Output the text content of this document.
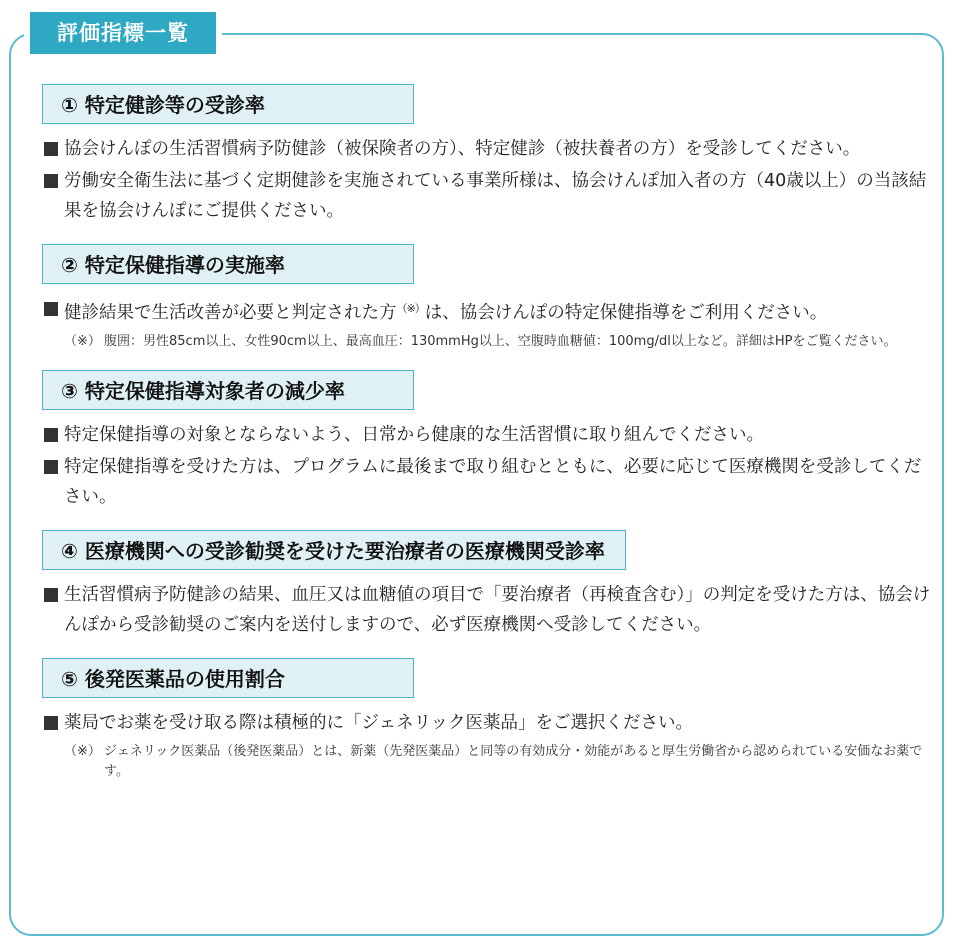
評価指標一覧
① 特定健診等の受診率
協会けんぽの生活習慣病予防健診（被保険者の方）、特定健診（被扶養者の方）を受診してください。
労働安全衛生法に基づく定期健診を実施されている事業所様は、協会けんぽ加入者の方（40歳以上）の当該結果を協会けんぽにご提供ください。
② 特定保健指導の実施率
健診結果で生活改善が必要と判定された方（※）は、協会けんぽの特定保健指導をご利用ください。
（※） 腹囲：男性85cm以上、女性90cm以上、最高血圧：130mmHg以上、空腹時血糖値：100mg/dl以上など。詳細はHPをご覧ください。
③ 特定保健指導対象者の減少率
特定保健指導の対象とならないよう、日常から健康的な生活習慣に取り組んでください。
特定保健指導を受けた方は、プログラムに最後まで取り組むとともに、必要に応じて医療機関を受診してください。
④ 医療機関への受診勧奨を受けた要治療者の医療機関受診率
生活習慣病予防健診の結果、血圧又は血糖値の項目で「要治療者（再検査含む）」の判定を受けた方は、協会けんぽから受診勧奨のご案内を送付しますので、必ず医療機関へ受診してください。
⑤ 後発医薬品の使用割合
薬局でお薬を受け取る際は積極的に「ジェネリック医薬品」をご選択ください。
（※） ジェネリック医薬品（後発医薬品）とは、新薬（先発医薬品）と同等の有効成分・効能があると厚生労働省から認められている安価なお薬です。
